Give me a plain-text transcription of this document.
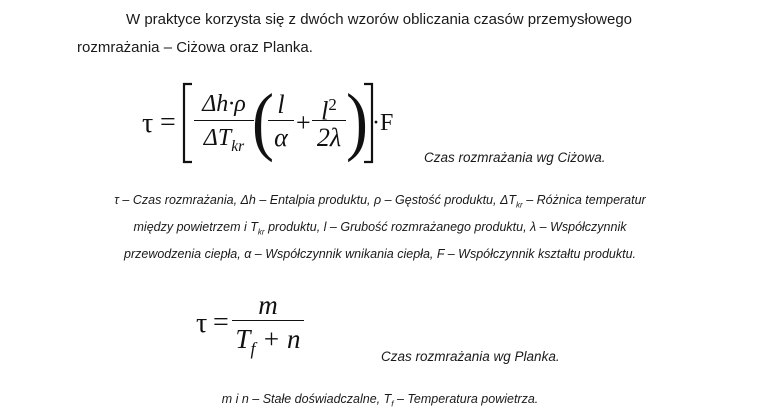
W praktyce korzysta się z dwóch wzorów obliczania czasów przemysłowego
rozmrażania – Ciżowa oraz Planka.
τ =
Δh·ρ
$\Delta T_{kr}$ (
$\frac{l}{\alpha} + \frac{l^2}{2\lambda}$ ) ·F
Czas rozmrażania wg Ciżowa.
τ – Czas rozmrażania, Δh – Entalpia produktu, ρ – Gęstość produktu, $\Delta T_{kr}$ – Różnica temperatur
między powietrzem i $T_{kr}$ produktu, l – Grubość rozmrażanego produktu, λ – Współczynnik
przewodzenia ciepła, α – Współczynnik wnikania ciepła, F – Współczynnik kształtu produktu.
$\tau = \frac{m}{T_f + n}$	Czas rozmrażania wg Planka.
m i n – Stałe doświadczalne, $T_f$ – Temperatura powietrza.
